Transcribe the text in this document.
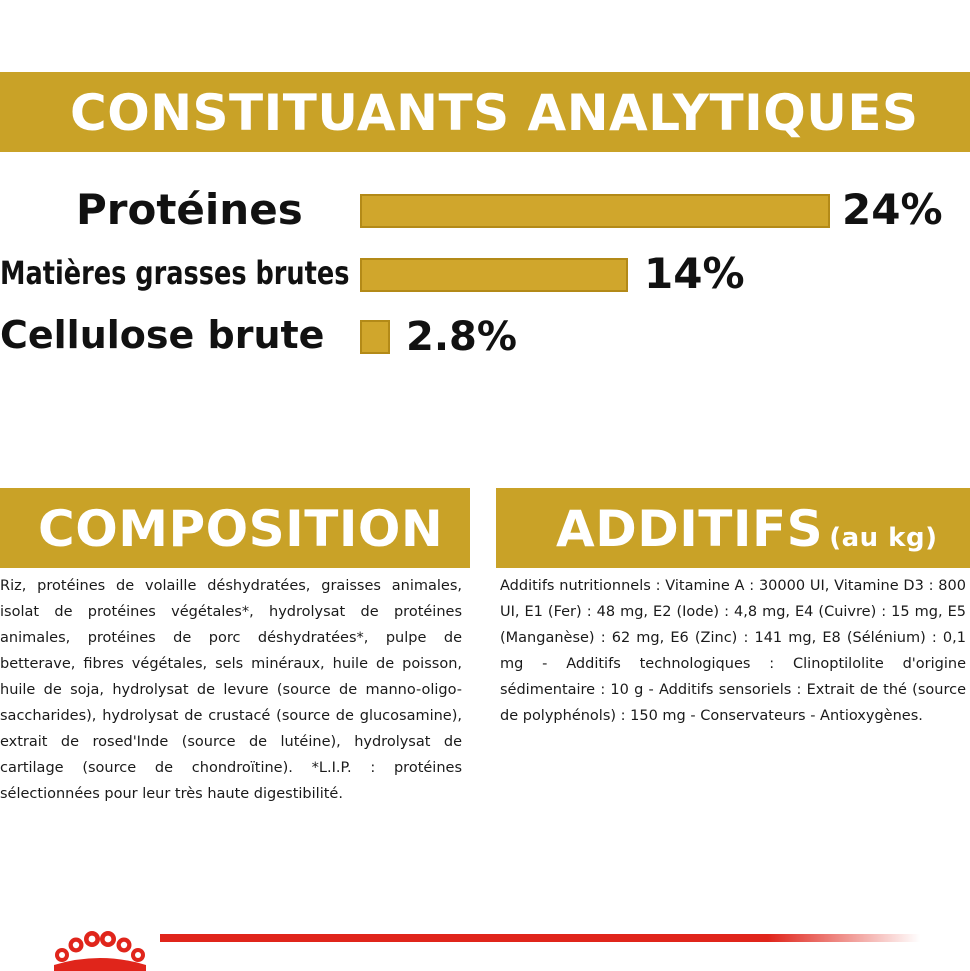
CONSTITUANTS ANALYTIQUES
Protéines	24%
Matières grasses brutes	14%
Cellulose brute 2.8%
COMPOSITION
Riz, protéines de volaille déshydratées, graisses animales, isolat de protéines végétales*, hydrolysat de protéines animales, protéines de porc déshydratées*, pulpe de betterave, fibres végétales, sels minéraux, huile de poisson, huile de soja, hydrolysat de levure (source de manno-oligo-saccharides), hydrolysat de crustacé (source de glucosamine), extrait de rosed'Inde (source de lutéine), hydrolysat de cartilage (source de chondroïtine). *L.I.P. : protéines sélectionnées pour leur très haute digestibilité.
ADDITIFS (au kg)
Additifs nutritionnels : Vitamine A : 30000 UI, Vitamine D3 : 800 UI, E1 (Fer) : 48 mg, E2 (Iode) : 4,8 mg, E4 (Cuivre) : 15 mg, E5 (Manganèse) : 62 mg, E6 (Zinc) : 141 mg, E8 (Sélénium) : 0,1 mg - Additifs technologiques : Clinoptilolite d'origine sédimentaire : 10 g - Additifs sensoriels : Extrait de thé (source de polyphénols) : 150 mg - Conservateurs - Antioxygènes.
